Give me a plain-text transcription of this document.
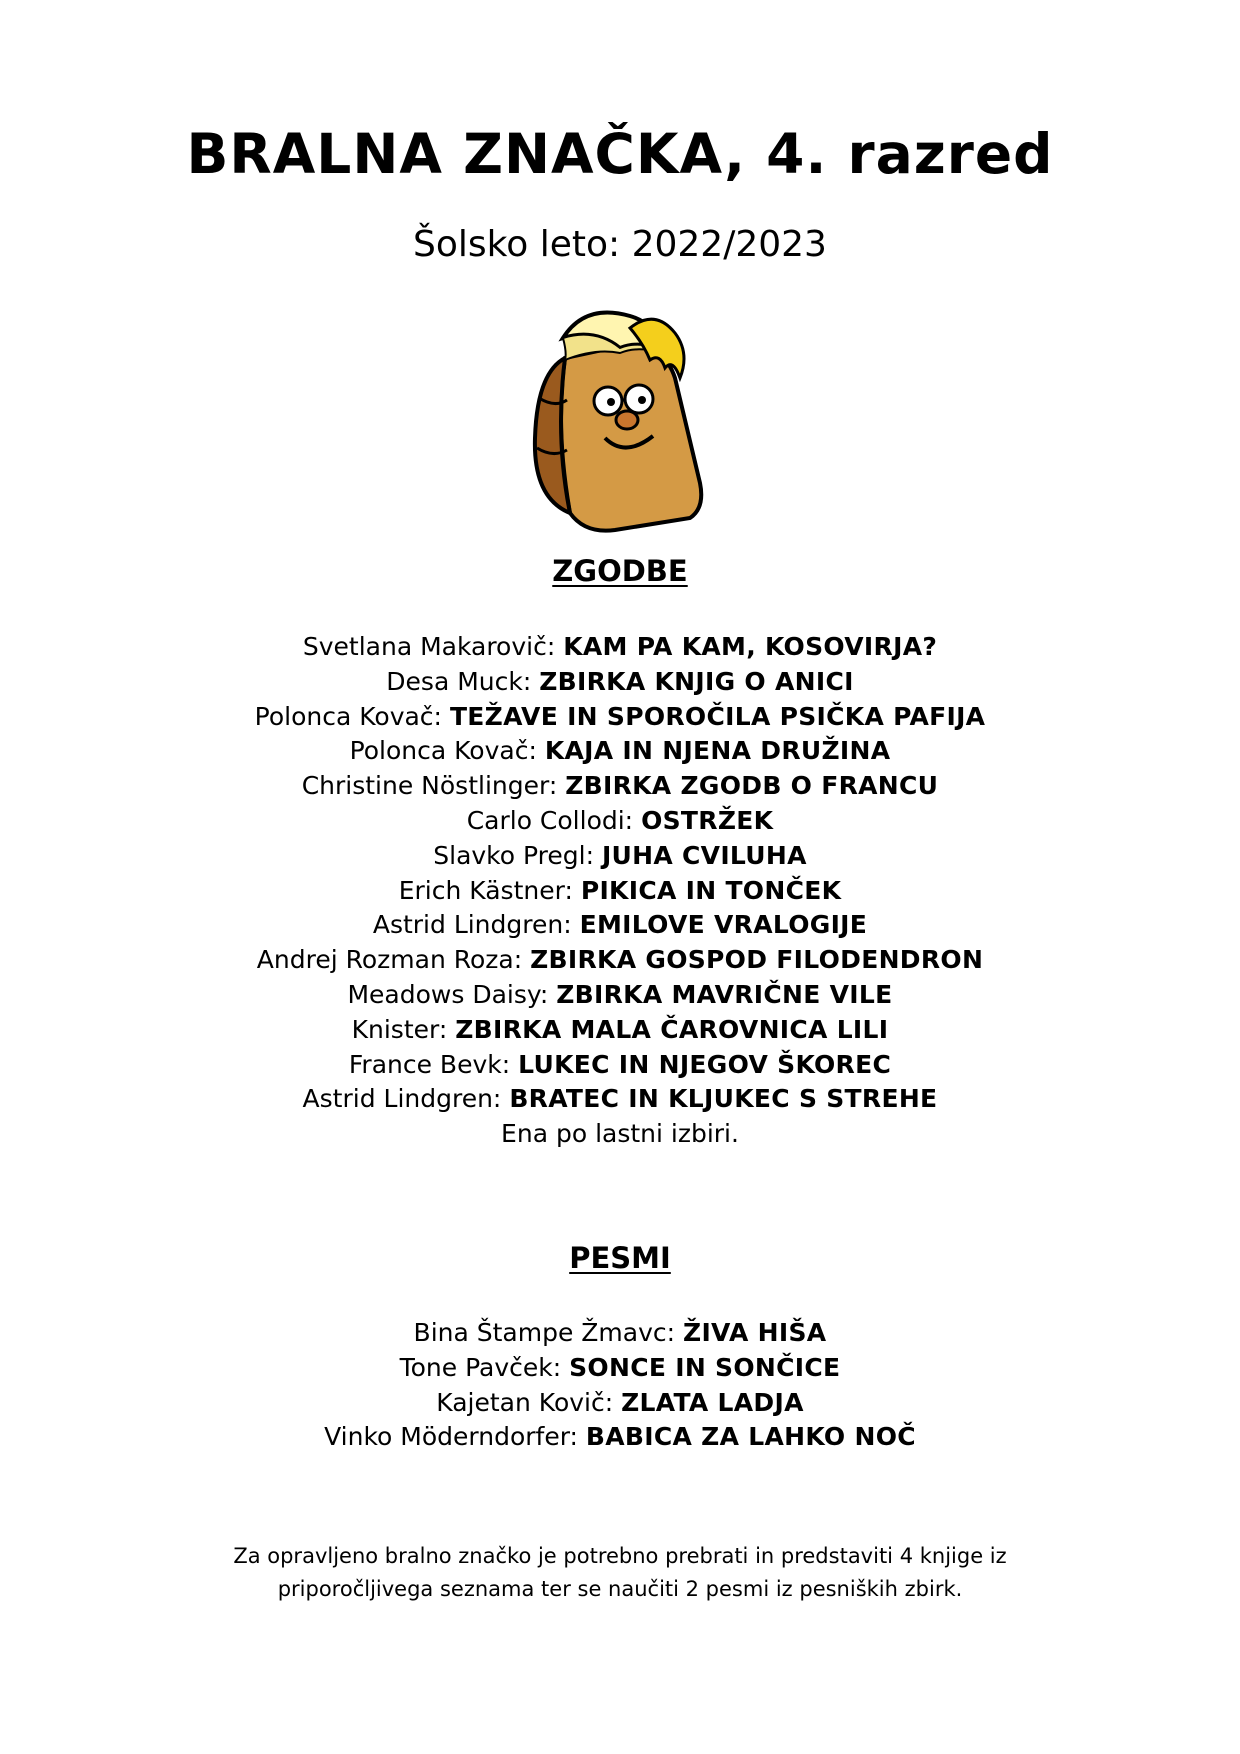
BRALNA ZNAČKA, 4. razred
Šolsko leto: 2022/2023
ZGODBE
Svetlana Makarovič: KAM PA KAM, KOSOVIRJA?
Desa Muck: ZBIRKA KNJIG O ANICI
Polonca Kovač: TEŽAVE IN SPOROČILA PSIČKA PAFIJA
Polonca Kovač: KAJA IN NJENA DRUŽINA
Christine Nöstlinger: ZBIRKA ZGODB O FRANCU
Carlo Collodi: OSTRŽEK
Slavko Pregl: JUHA CVILUHA
Erich Kästner: PIKICA IN TONČEK
Astrid Lindgren: EMILOVE VRALOGIJE
Andrej Rozman Roza: ZBIRKA GOSPOD FILODENDRON
Meadows Daisy: ZBIRKA MAVRIČNE VILE
Knister: ZBIRKA MALA ČAROVNICA LILI
France Bevk: LUKEC IN NJEGOV ŠKOREC
Astrid Lindgren: BRATEC IN KLJUKEC S STREHE
Ena po lastni izbiri.
PESMI
Bina Štampe Žmavc: ŽIVA HIŠA
Tone Pavček: SONCE IN SONČICE
Kajetan Kovič: ZLATA LADJA
Vinko Möderndorfer: BABICA ZA LAHKO NOČ
Za opravljeno bralno značko je potrebno prebrati in predstaviti 4 knjige iz
priporočljivega seznama ter se naučiti 2 pesmi iz pesniških zbirk.
